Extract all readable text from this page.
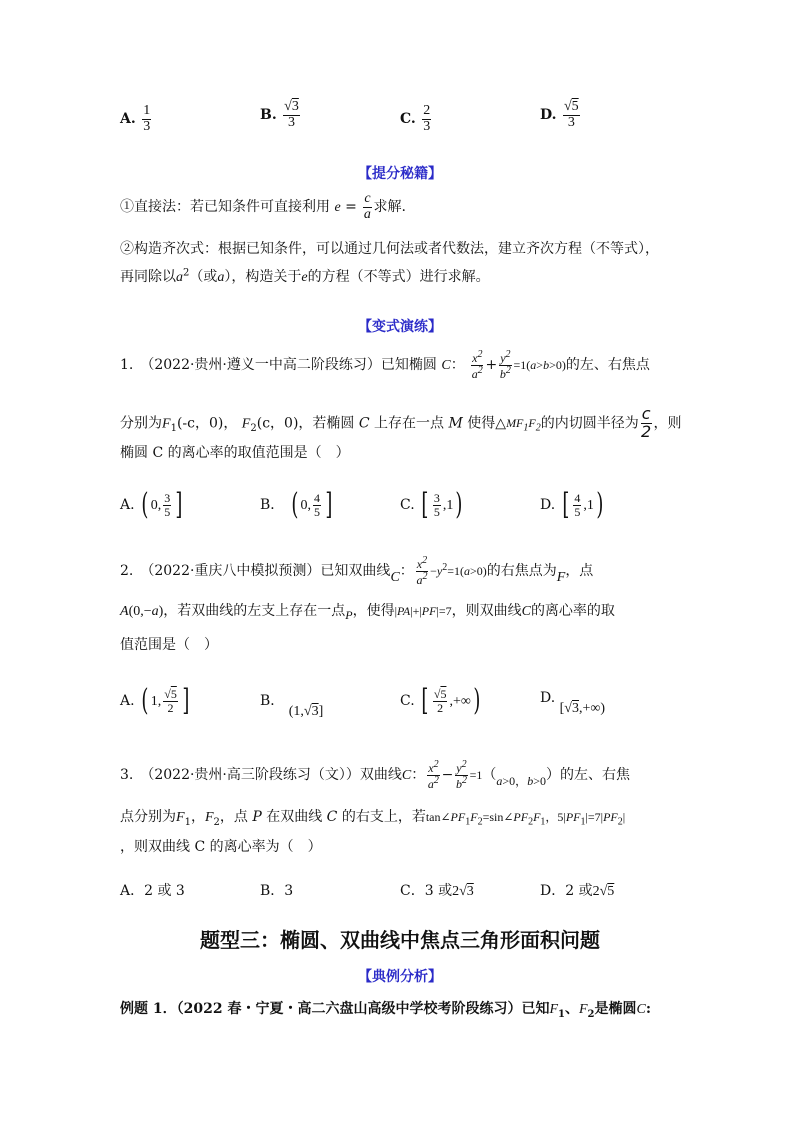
A. $\frac{1}{3}$	B. $\frac{√3}{3}$	C. $\frac{2}{3}$	D. $\frac{√5}{3}$
【提分秘籍】
①直接法：若已知条件可直接利用 $e = \frac{c}{a}$ 求解.
②构造齐次式：根据已知条件，可以通过几何法或者代数法，建立齐次方程（不等式），
再同除以$a^2$（或a），构造关于e的方程（不等式）进行求解。
【变式演练】
1.　（2022·贵州·遵义一中高二阶段练习）已知椭圆 C： $\frac{x^2}{a^2} + \frac{y^2}{b^2} =1(a>b>0)$的左、右焦点
分别为$F_1(-c$，0)， $F_2(c$，0)，若椭圆 C 上存在一点 M 使得$\triangle MF_1F_2$的内切圆半径为 $\frac{c}{2}$ ，则
椭圆 C 的离心率的取值范围是（　）
A. ( 0, $\frac{3}{5}$ ]	B． ( 0, $\frac{4}{5}$ ]	C. [ $\frac{3}{5} ,1$)	D. [ $\frac{4}{5} ,1$)
2.　（2022·重庆八中模拟预测）已知双曲线C： $\frac{x^2}{a^2} -y^2=1(a>0)$的右焦点为F，点
A(0,−a)，若双曲线的左支上存在一点P，使得|PA|+|PF|=7，则双曲线C的离心率的取
值范围是（　）
A. ( 1, $\frac{√5}{2}$ ]	B． (1,√3]
C. [ $\frac{√5}{2}$ ,+∞)	D. [√3,+∞)
3.　（2022·贵州·高三阶段练习（文））双曲线C： $\frac{x^2}{a^2} - \frac{y^2}{b^2} =1(a>0$，b>0）的左、右焦
点分别为$F_1$，$F_2$，点 P 在双曲线 C 的右支上，若$\tan\angle PF_1F_2=\sin\angle PF_2F_1$，$5|PF_1|=7|PF_2|$
，则双曲线 C 的离心率为（　）
A．2 或 3	B．3	C．3 或2√3	D．2 或2√5
题型三：椭圆、双曲线中焦点三角形面积问题
【典例分析】
例题 1．（2022 春・宁夏・高二六盘山高级中学校考阶段练习）已知$F_1$、$F_2$是椭圆C:
